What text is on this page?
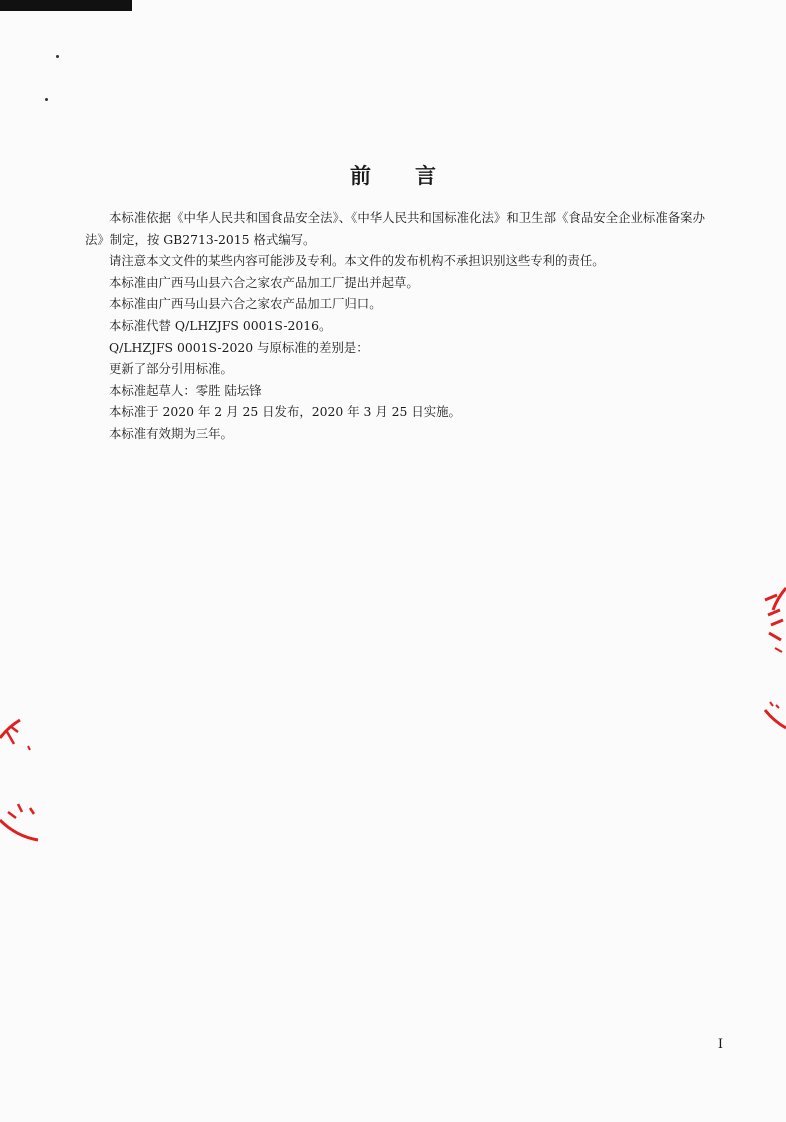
前 言

本标准依据《中华人民共和国食品安全法》、《中华人民共和国标准化法》和卫生部《食品安全企业标准备案办法》制定，按 GB2713-2015 格式编写。

请注意本文文件的某些内容可能涉及专利。本文件的发布机构不承担识别这些专利的责任。

本标准由广西马山县六合之家农产品加工厂提出并起草。

本标准由广西马山县六合之家农产品加工厂归口。

本标准代替 Q/LHZJFS 0001S-2016。

Q/LHZJFS 0001S-2020 与原标准的差别是：

更新了部分引用标准。

本标准起草人：零胜 陆坛锋

本标准于 2020 年 2 月 25 日发布，2020 年 3 月 25 日实施。

本标准有效期为三年。

I
